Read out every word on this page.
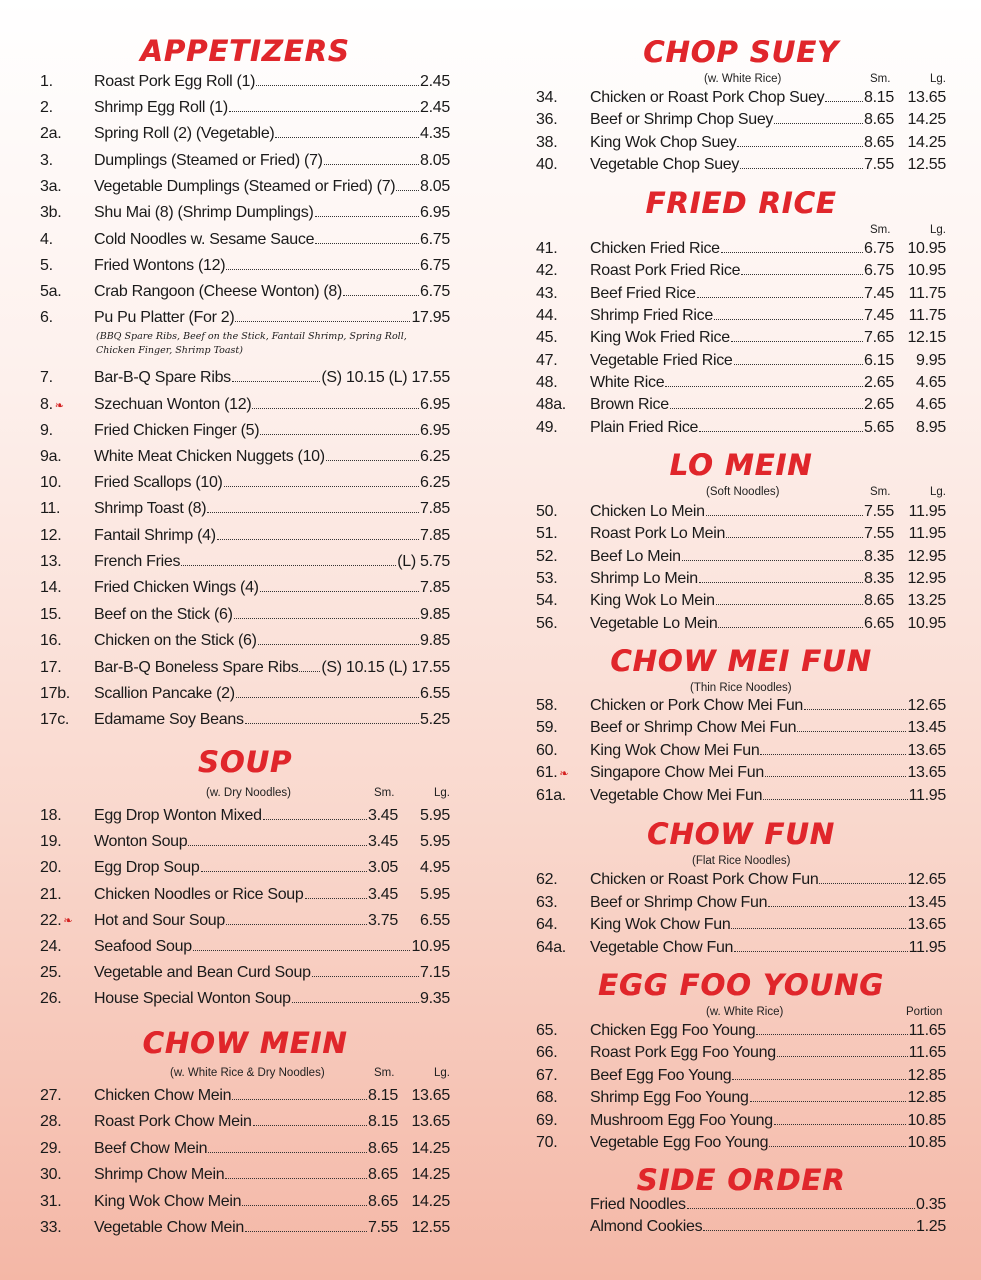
APPETIZERS
1.	Roast Pork Egg Roll (1)	2.45
2.	Shrimp Egg Roll (1)	2.45
2a. Spring Roll (2) (Vegetable)	4.35
3.	Dumplings (Steamed or Fried) (7)	8.05
3a. Vegetable Dumplings (Steamed or Fried) (7) 8.05
3b. Shu Mai (8) (Shrimp Dumplings)	6.95
4.	Cold Noodles w. Sesame Sauce	6.75
5.	Fried Wontons (12)	6.75
5a. Crab Rangoon (Cheese Wonton) (8)	6.75
6.	Pu Pu Platter (For 2)	17.95
7.	Bar-B-Q Spare Ribs	(S) 10.15 (L) 17.55
8. ❧ Szechuan Wonton (12)	6.95
9.	Fried Chicken Finger (5)	6.95
9a. White Meat Chicken Nuggets (10)	6.25
10. Fried Scallops (10)	6.25
11. Shrimp Toast (8)	7.85
12. Fantail Shrimp (4)	7.85
13. French Fries	(L) 5.75
14. Fried Chicken Wings (4)	7.85
15. Beef on the Stick (6)	9.85
16. Chicken on the Stick (6)	9.85
17. Bar-B-Q Boneless Spare Ribs (S) 10.15 (L) 17.55
17b. Scallion Pancake (2)	6.55
17c. Edamame Soy Beans	5.25
(BBQ Spare Ribs, Beef on the Stick, Fantail Shrimp, Spring Roll, Chicken Finger, Shrimp Toast)
SOUP
(w. Dry Noodles)	Sm.	Lg.
18. Egg Drop Wonton Mixed	3.45	5.95
19. Wonton Soup	3.45	5.95
20. Egg Drop Soup	3.05	4.95
21. Chicken Noodles or Rice Soup	3.45	5.95
22. ❧ Hot and Sour Soup	3.75	6.55
24. Seafood Soup	10.95
25. Vegetable and Bean Curd Soup	7.15
26. House Special Wonton Soup	9.35
CHOW MEIN
(w. White Rice & Dry Noodles)	Sm.	Lg.
27. Chicken Chow Mein	8.15 13.65
28. Roast Pork Chow Mein	8.15 13.65
29. Beef Chow Mein	8.65 14.25
30. Shrimp Chow Mein	8.65 14.25
31. King Wok Chow Mein	8.65 14.25
33. Vegetable Chow Mein	7.55 12.55
CHOP SUEY
(w. White Rice)	Sm.	Lg.
34. Chicken or Roast Pork Chop Suey 8.15 13.65
36. Beef or Shrimp Chop Suey	8.65 14.25
38. King Wok Chop Suey	8.65 14.25
40. Vegetable Chop Suey	7.55 12.55
FRIED RICE
Sm.	Lg.
41. Chicken Fried Rice	6.75 10.95
42. Roast Pork Fried Rice	6.75 10.95
43. Beef Fried Rice	7.45 11.75
44. Shrimp Fried Rice	7.45 11.75
45. King Wok Fried Rice	7.65 12.15
47. Vegetable Fried Rice	6.15	9.95
48. White Rice	2.65	4.65
48a. Brown Rice	2.65	4.65
49. Plain Fried Rice	5.65	8.95
LO MEIN
(Soft Noodles)	Sm.	Lg.
50. Chicken Lo Mein	7.55 11.95
51. Roast Pork Lo Mein	7.55 11.95
52. Beef Lo Mein	8.35 12.95
53. Shrimp Lo Mein	8.35 12.95
54. King Wok Lo Mein	8.65 13.25
56. Vegetable Lo Mein	6.65 10.95
CHOW MEI FUN
(Thin Rice Noodles)
58. Chicken or Pork Chow Mei Fun	12.65
59. Beef or Shrimp Chow Mei Fun	13.45
60. King Wok Chow Mei Fun	13.65
61. ❧ Singapore Chow Mei Fun	13.65
61a. Vegetable Chow Mei Fun	11.95
CHOW FUN
(Flat Rice Noodles)
62. Chicken or Roast Pork Chow Fun	12.65
63. Beef or Shrimp Chow Fun	13.45
64. King Wok Chow Fun	13.65
64a. Vegetable Chow Fun	11.95
EGG FOO YOUNG
(w. White Rice)	Portion
65. Chicken Egg Foo Young	11.65
66. Roast Pork Egg Foo Young	11.65
67. Beef Egg Foo Young	12.85
68. Shrimp Egg Foo Young	12.85
69. Mushroom Egg Foo Young	10.85
70. Vegetable Egg Foo Young	10.85
SIDE ORDER
Fried Noodles	0.35
Almond Cookies	1.25
